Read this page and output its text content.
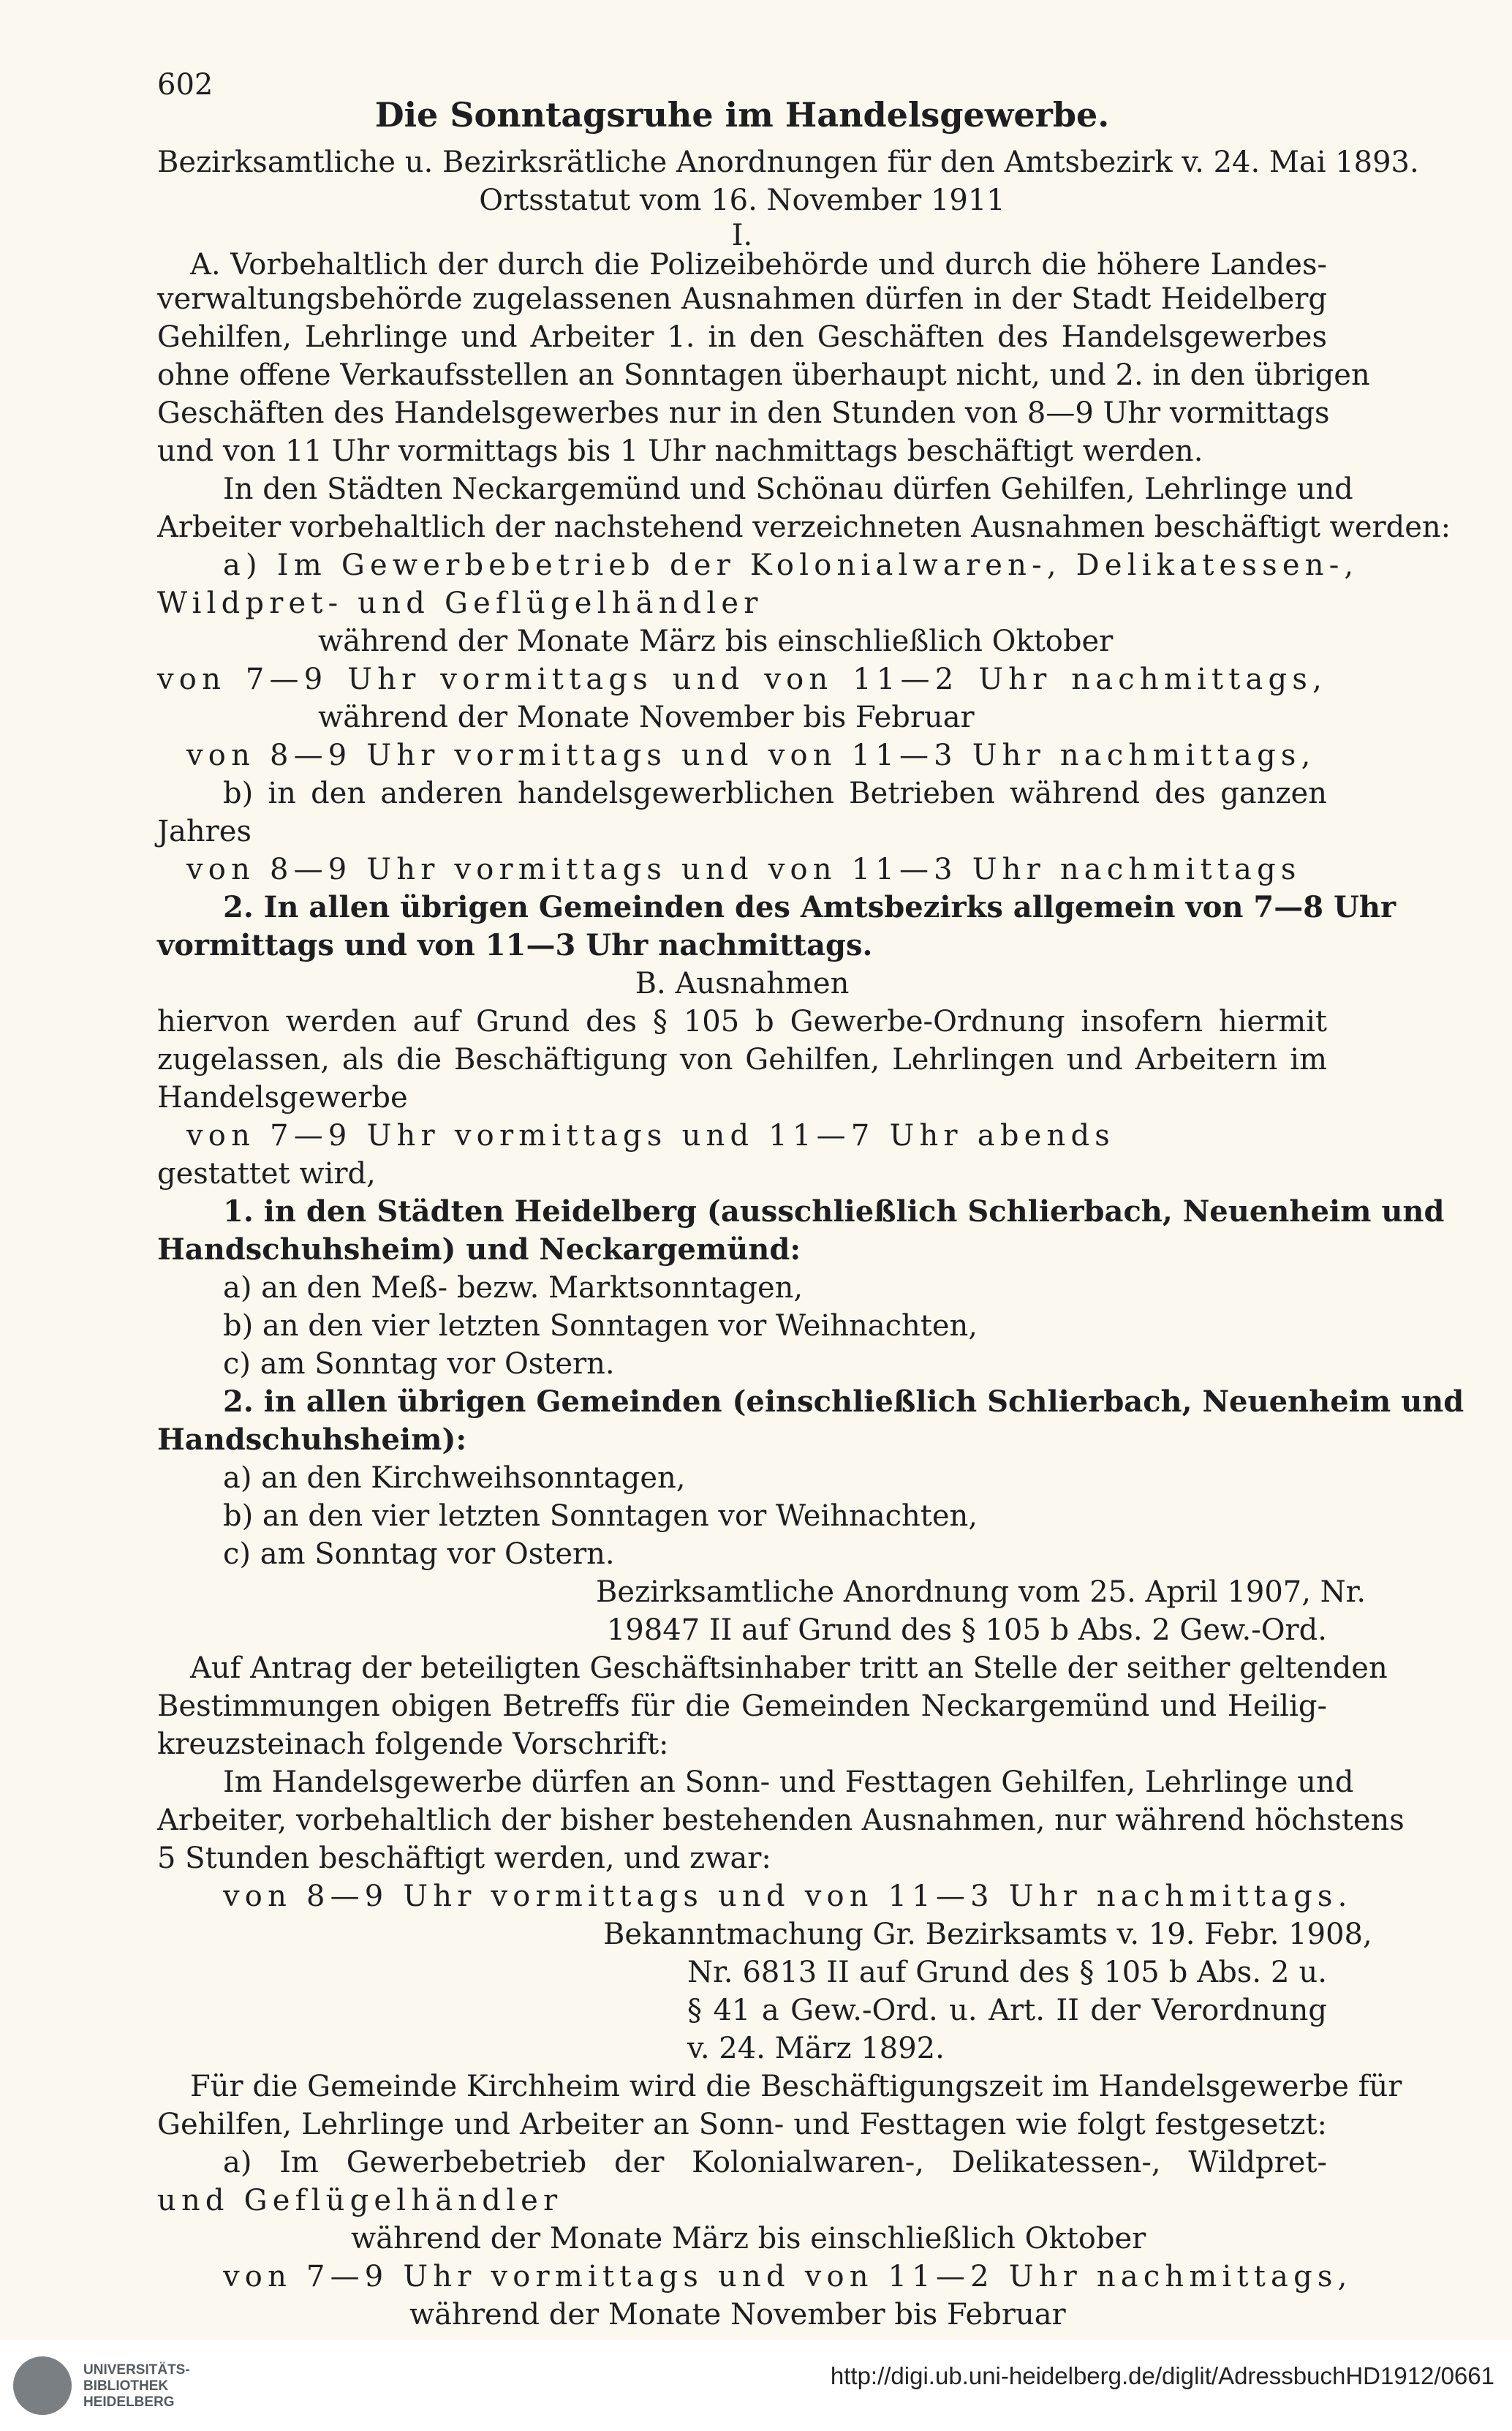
602
Die Sonntagsruhe im Handelsgewerbe.
Bezirksamtliche u. Bezirksrätliche Anordnungen für den Amtsbezirk v. 24. Mai 1893.
Ortsstatut vom 16. November 1911
I.
A. Vorbehaltlich der durch die Polizeibehörde und durch die höhere Landes-
verwaltungsbehörde zugelassenen Ausnahmen dürfen in der Stadt Heidelberg
Gehilfen, Lehrlinge und Arbeiter 1. in den Geschäften des Handelsgewerbes
ohne offene Verkaufsstellen an Sonntagen überhaupt nicht, und 2. in den übrigen
Geschäften des Handelsgewerbes nur in den Stunden von 8—9 Uhr vormittags
und von 11 Uhr vormittags bis 1 Uhr nachmittags beschäftigt werden.
In den Städten Neckargemünd und Schönau dürfen Gehilfen, Lehrlinge und
Arbeiter vorbehaltlich der nachstehend verzeichneten Ausnahmen beschäftigt werden:
a) Im Gewerbebetrieb der Kolonialwaren-, Delikatessen-,
Wildpret- und Geflügelhändler
während der Monate März bis einschließlich Oktober
von 7—9 Uhr vormittags und von 11—2 Uhr nachmittags,
während der Monate November bis Februar
von 8—9 Uhr vormittags und von 11—3 Uhr nachmittags,
b) in den anderen handelsgewerblichen Betrieben während des ganzen
Jahres
von 8—9 Uhr vormittags und von 11—3 Uhr nachmittags
2. In allen übrigen Gemeinden des Amtsbezirks allgemein von 7—8 Uhr
vormittags und von 11—3 Uhr nachmittags.
B. Ausnahmen
hiervon werden auf Grund des § 105 b Gewerbe-Ordnung insofern hiermit
zugelassen, als die Beschäftigung von Gehilfen, Lehrlingen und Arbeitern im
Handelsgewerbe
von 7—9 Uhr vormittags und 11—7 Uhr abends
gestattet wird,
1. in den Städten Heidelberg (ausschließlich Schlierbach, Neuenheim und
Handschuhsheim) und Neckargemünd:
a) an den Meß- bezw. Marktsonntagen,
b) an den vier letzten Sonntagen vor Weihnachten,
c) am Sonntag vor Ostern.
2. in allen übrigen Gemeinden (einschließlich Schlierbach, Neuenheim und
Handschuhsheim):
a) an den Kirchweihsonntagen,
b) an den vier letzten Sonntagen vor Weihnachten,
c) am Sonntag vor Ostern.
Bezirksamtliche Anordnung vom 25. April 1907, Nr.
19847 II auf Grund des § 105 b Abs. 2 Gew.-Ord.
Auf Antrag der beteiligten Geschäftsinhaber tritt an Stelle der seither geltenden
Bestimmungen obigen Betreffs für die Gemeinden Neckargemünd und Heilig-
kreuzsteinach folgende Vorschrift:
Im Handelsgewerbe dürfen an Sonn- und Festtagen Gehilfen, Lehrlinge und
Arbeiter, vorbehaltlich der bisher bestehenden Ausnahmen, nur während höchstens
5 Stunden beschäftigt werden, und zwar:
von 8—9 Uhr vormittags und von 11—3 Uhr nachmittags.
Bekanntmachung Gr. Bezirksamts v. 19. Febr. 1908,
Nr. 6813 II auf Grund des § 105 b Abs. 2 u.
§ 41 a Gew.-Ord. u. Art. II der Verordnung
v. 24. März 1892.
Für die Gemeinde Kirchheim wird die Beschäftigungszeit im Handelsgewerbe für
Gehilfen, Lehrlinge und Arbeiter an Sonn- und Festtagen wie folgt festgesetzt:
a) Im Gewerbebetrieb der Kolonialwaren-, Delikatessen-, Wildpret-
und Geflügelhändler
während der Monate März bis einschließlich Oktober
von 7—9 Uhr vormittags und von 11—2 Uhr nachmittags,
während der Monate November bis Februar
UNIVERSITÄTS-BIBLIOTHEK HEIDELBERG
http://digi.ub.uni-heidelberg.de/diglit/AdressbuchHD1912/0661
